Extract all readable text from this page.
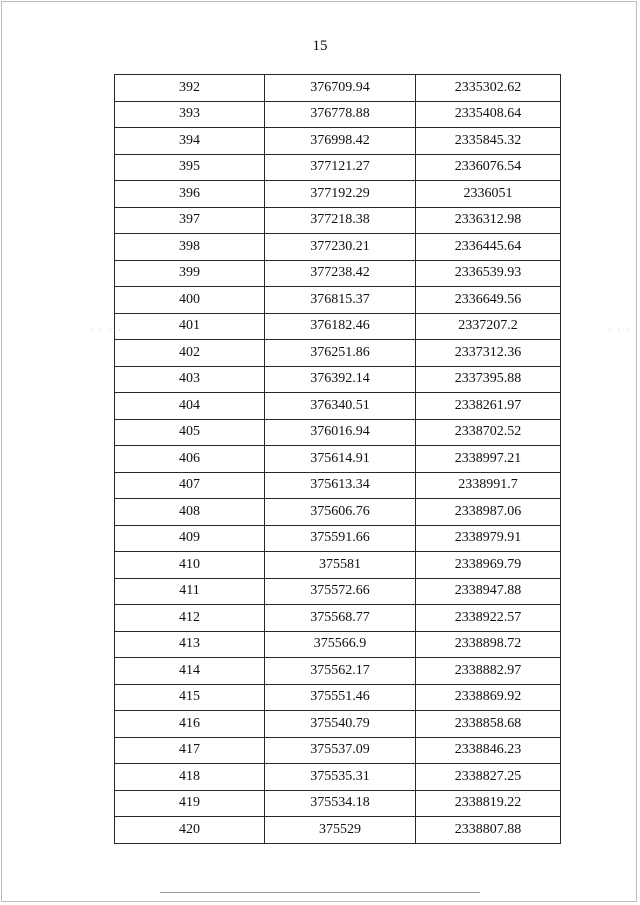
15
· · · ·	· · ·
392	376709.94	2335302.62
393	376778.88	2335408.64
394	376998.42	2335845.32
395	377121.27	2336076.54
396	377192.29	2336051
397	377218.38	2336312.98
398	377230.21	2336445.64
399	377238.42	2336539.93
400	376815.37	2336649.56
401	376182.46	2337207.2
402	376251.86	2337312.36
403	376392.14	2337395.88
404	376340.51	2338261.97
405	376016.94	2338702.52
406	375614.91	2338997.21
407	375613.34	2338991.7
408	375606.76	2338987.06
409	375591.66	2338979.91
410	375581	2338969.79
411	375572.66	2338947.88
412	375568.77	2338922.57
413	375566.9	2338898.72
414	375562.17	2338882.97
415	375551.46	2338869.92
416	375540.79	2338858.68
417	375537.09	2338846.23
418	375535.31	2338827.25
419	375534.18	2338819.22
420	375529	2338807.88
